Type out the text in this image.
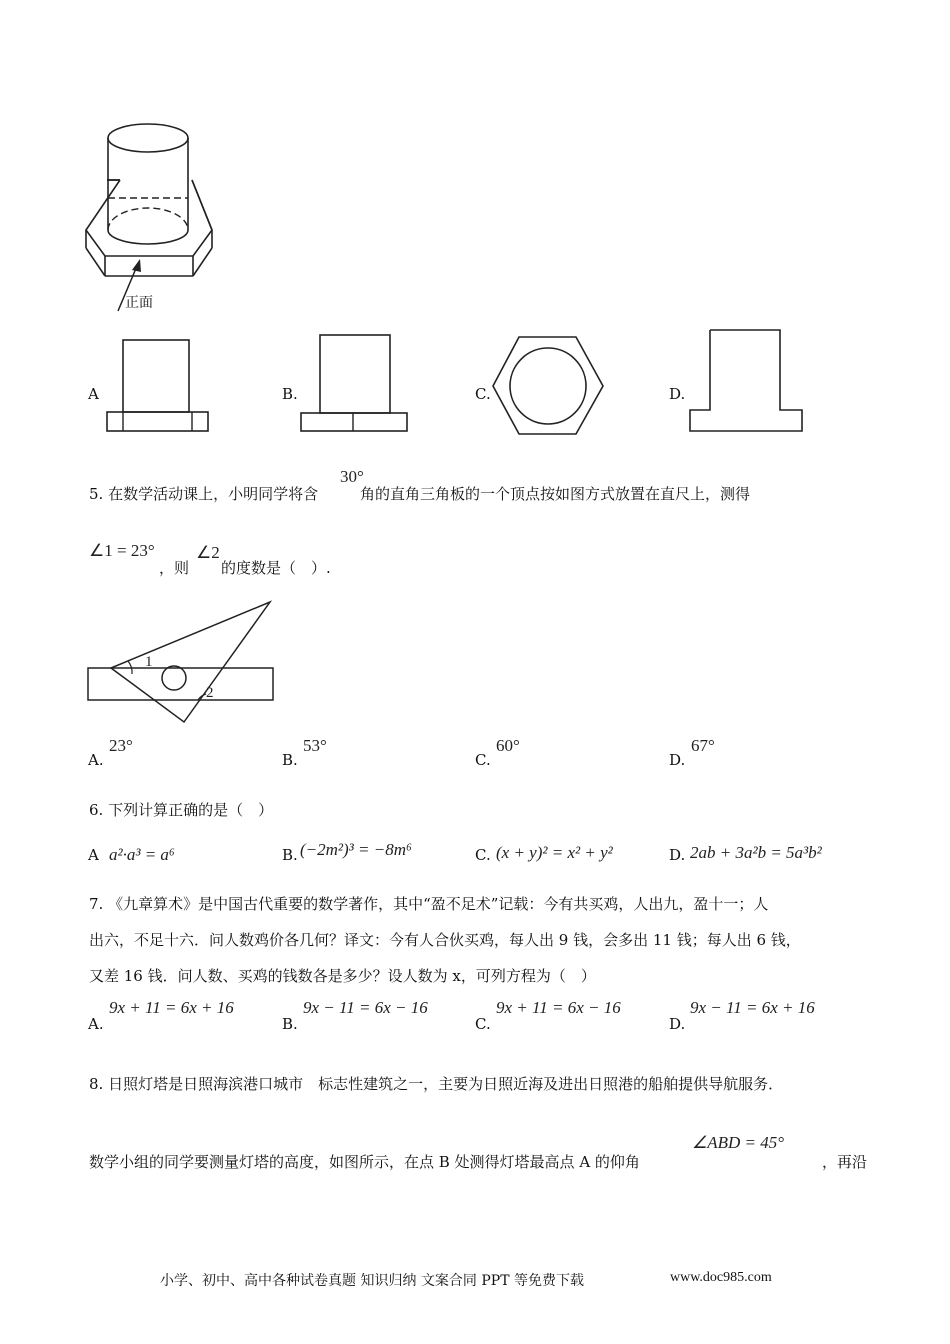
正面
A	B.	C.	D.
5. 在数学活动课上，小明同学将含
30°
角的直角三角板的一个顶点按如图方式放置在直尺上，测得
∠1 = 23°
，则
∠2
的度数是（　）.
1
2
A.
23°
B.
53°
C.
60°
D.
67°
6. 下列计算正确的是（　）
A a²·a³ = a⁶	B. (−2m²)³ = −8m⁶	C. (x + y)² = x² + y²	D. 2ab + 3a²b = 5a³b²
7. 《九章算术》是中国古代重要的数学著作，其中“盈不足术”记载：今有共买鸡，人出九，盈十一；人
出六，不足十六．问人数鸡价各几何？译文：今有人合伙买鸡，每人出 9 钱，会多出 11 钱；每人出 6 钱，
又差 16 钱．问人数、买鸡的钱数各是多少？设人数为 x，可列方程为（　）
A.
9x + 11 = 6x + 16
B.
9x − 11 = 6x − 16
C.
9x + 11 = 6x − 16
D.
9x − 11 = 6x + 16
8. 日照灯塔是日照海滨港口城市　标志性建筑之一，主要为日照近海及进出日照港的船舶提供导航服务．
数学小组的同学要测量灯塔的高度，如图所示，在点 B 处测得灯塔最高点 A 的仰角
∠ABD = 45°
，再沿
小学、初中、高中各种试卷真题 知识归纳 文案合同 PPT 等免费下载	www.doc985.com
